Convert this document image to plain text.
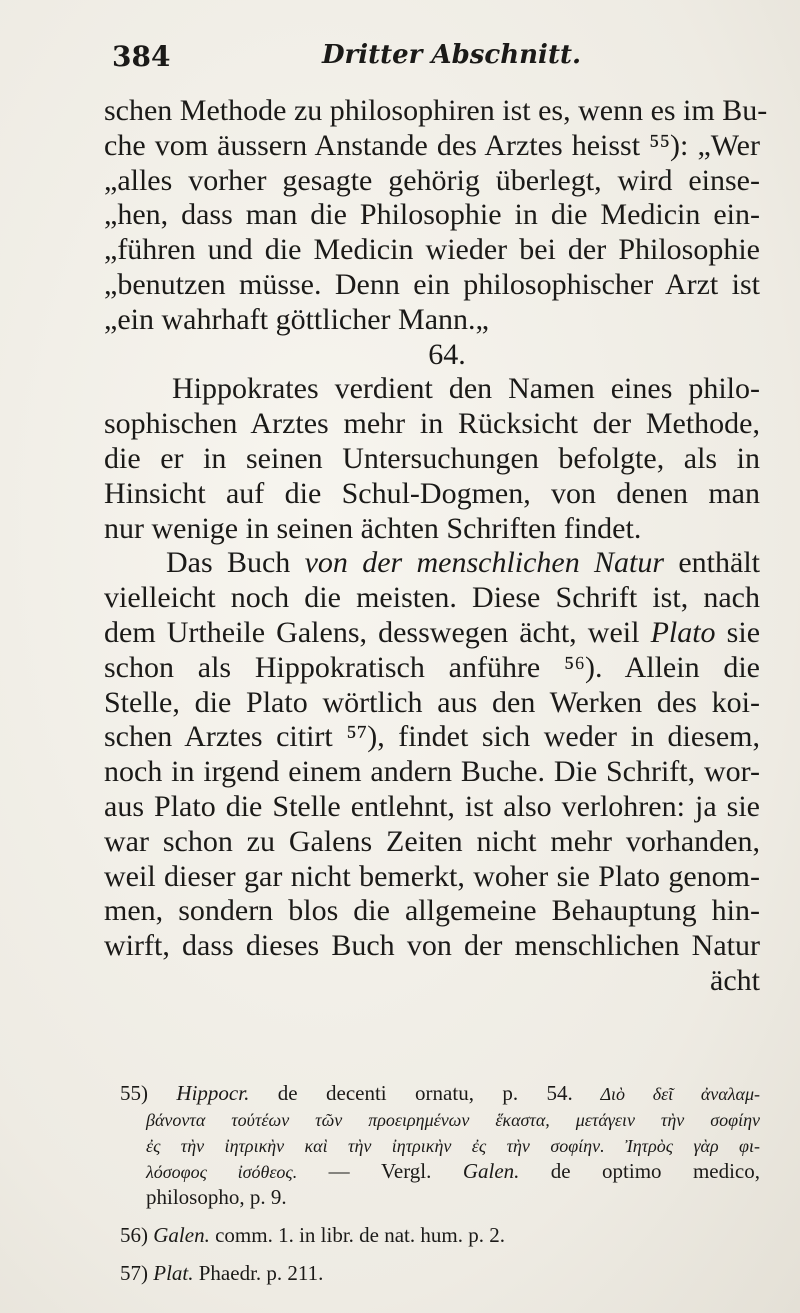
384	Dritter Abschnitt.
schen Methode zu philosophiren ist es, wenn es im Bu-
che vom äussern Anstande des Arztes heisst ⁵⁵): „Wer
„alles vorher gesagte gehörig überlegt, wird einse-
„hen, dass man die Philosophie in die Medicin ein-
„führen und die Medicin wieder bei der Philosophie
„benutzen müsse. Denn ein philosophischer Arzt ist
„ein wahrhaft göttlicher Mann.„
64.
Hippokrates verdient den Namen eines philo-
sophischen Arztes mehr in Rücksicht der Methode,
die er in seinen Untersuchungen befolgte, als in
Hinsicht auf die Schul-Dogmen, von denen man
nur wenige in seinen ächten Schriften findet.
Das Buch von der menschlichen Natur enthält
vielleicht noch die meisten. Diese Schrift ist, nach
dem Urtheile Galens, desswegen ächt, weil Plato sie
schon als Hippokratisch anführe ⁵⁶). Allein die
Stelle, die Plato wörtlich aus den Werken des koi-
schen Arztes citirt ⁵⁷), findet sich weder in diesem,
noch in irgend einem andern Buche. Die Schrift, wor-
aus Plato die Stelle entlehnt, ist also verlohren: ja sie
war schon zu Galens Zeiten nicht mehr vorhanden,
weil dieser gar nicht bemerkt, woher sie Plato genom-
men, sondern blos die allgemeine Behauptung hin-
wirft, dass dieses Buch von der menschlichen Natur
ächt
55) Hippocr. de decenti ornatu, p. 54. Διὸ δεῖ ἀναλαμ-
βάνοντα τούτέων τῶν προειρημένων ἕκαστα, μετάγειν τὴν σοφίην
ἐς τὴν ἰητρικὴν καὶ τὴν ἰητρικὴν ἐς τὴν σοφίην. Ἰητρὸς γὰρ φι-
λόσοφος ἰσόθεος. — Vergl. Galen. de optimo medico,
philosopho, p. 9.
56) Galen. comm. 1. in libr. de nat. hum. p. 2.
57) Plat. Phaedr. p. 211.
